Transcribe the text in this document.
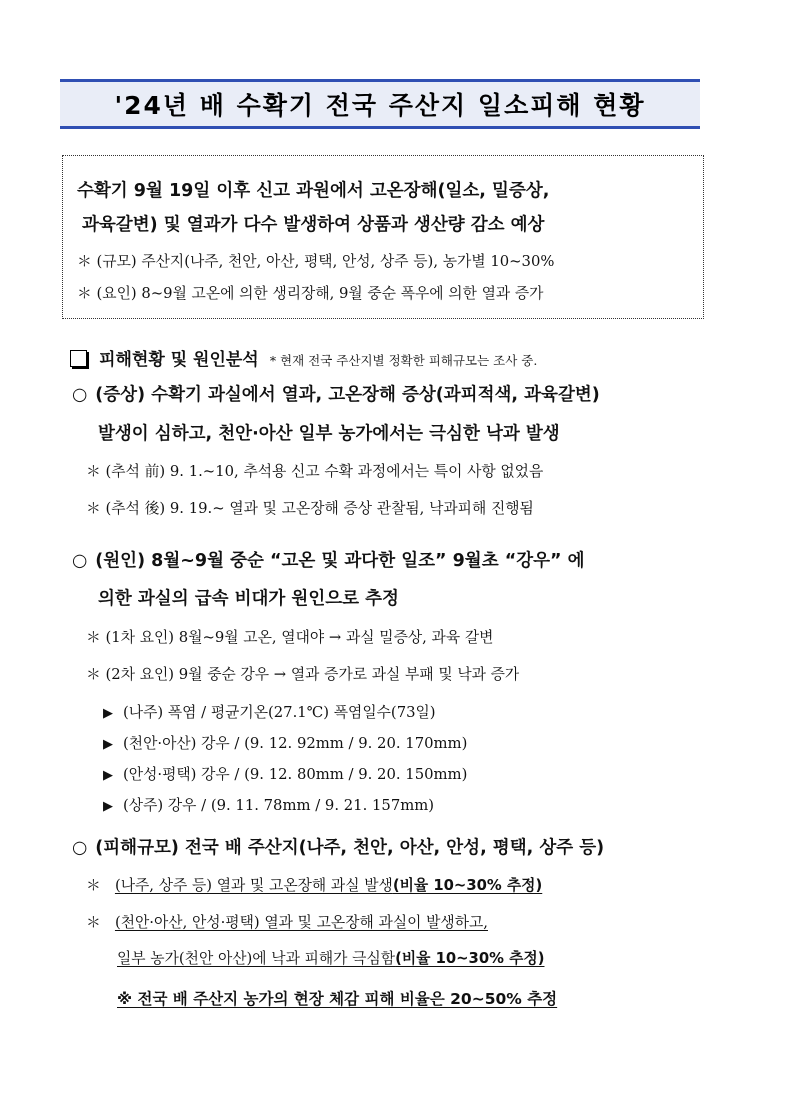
'24년 배 수확기 전국 주산지 일소피해 현황
수확기 9월 19일 이후 신고 과원에서 고온장해(일소, 밀증상,
과육갈변) 및 열과가 다수 발생하여 상품과 생산량 감소 예상
＊ (규모) 주산지(나주, 천안, 아산, 평택, 안성, 상주 등), 농가별 10~30%
＊ (요인) 8~9월 고온에 의한 생리장해, 9월 중순 폭우에 의한 열과 증가
피해현황 및 원인분석 * 현재 전국 주산지별 정확한 피해규모는 조사 중.
○ (증상) 수확기 과실에서 열과, 고온장해 증상(과피적색, 과육갈변)
발생이 심하고, 천안·아산 일부 농가에서는 극심한 낙과 발생
＊ (추석 前) 9. 1.~10, 추석용 신고 수확 과정에서는 특이 사항 없었음
＊ (추석 後) 9. 19.~ 열과 및 고온장해 증상 관찰됨, 낙과피해 진행됨
○ (원인) 8월~9월 중순 “고온 및 과다한 일조” 9월초 “강우” 에
의한 과실의 급속 비대가 원인으로 추정
＊ (1차 요인) 8월~9월 고온, 열대야 → 과실 밀증상, 과육 갈변
＊ (2차 요인) 9월 중순 강우 → 열과 증가로 과실 부패 및 낙과 증가
▶ (나주) 폭염 / 평균기온(27.1℃) 폭염일수(73일)
▶ (천안·아산) 강우 / (9. 12. 92mm / 9. 20. 170mm)
▶ (안성·평택) 강우 / (9. 12. 80mm / 9. 20. 150mm)
▶ (상주) 강우 / (9. 11. 78mm / 9. 21. 157mm)
○ (피해규모) 전국 배 주산지(나주, 천안, 아산, 안성, 평택, 상주 등)
＊ (나주, 상주 등) 열과 및 고온장해 과실 발생(비율 10~30% 추정)
＊ (천안·아산, 안성·평택) 열과 및 고온장해 과실이 발생하고,
일부 농가(천안 아산)에 낙과 피해가 극심함(비율 10~30% 추정)
※ 전국 배 주산지 농가의 현장 체감 피해 비율은 20~50% 추정
